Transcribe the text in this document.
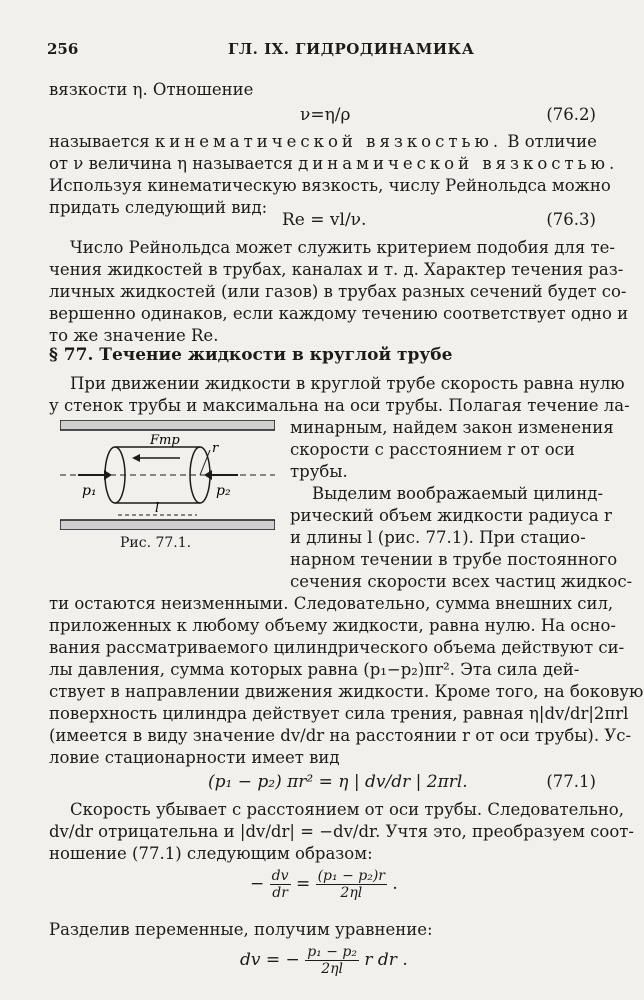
256	ГЛ. IX. ГИДРОДИНАМИКА
вязкости η. Отношение
ν=η/ρ	(76.2)
называется кинематической вязкостью. В отличие
от ν величина η называется динамической вязкостью.
Используя кинематическую вязкость, числу Рейнольдса можно
придать следующий вид:
Re = vl/ν.	(76.3)
Число Рейнольдса может служить критерием подобия для те-
чения жидкостей в трубах, каналах и т. д. Характер течения раз-
личных жидкостей (или газов) в трубах разных сечений будет со-
вершенно одинаков, если каждому течению соответствует одно и
то же значение Re.
§ 77. Течение жидкости в круглой трубе
При движении жидкости в круглой трубе скорость равна нулю
у стенок трубы и максимальна на оси трубы. Полагая течение ла-
минарным, найдем закон изменения
скорости с расстоянием r от оси
трубы.
Выделим воображаемый цилинд-
рический объем жидкости радиуса r
и длины l (рис. 77.1). При стацио-
нарном течении в трубе постоянного
сечения скорости всех частиц жидкос-
ти остаются неизменными. Следовательно, сумма внешних сил,
приложенных к любому объему жидкости, равна нулю. На осно-
вания рассматриваемого цилиндрического объема действуют си-
лы давления, сумма которых равна (p₁−p₂)πr². Эта сила дей-
ствует в направлении движения жидкости. Кроме того, на боковую
поверхность цилиндра действует сила трения, равная η|dv/dr|2πrl
(имеется в виду значение dv/dr на расстоянии r от оси трубы). Ус-
ловие стационарности имеет вид
Fтр
r
p₁	p₂
l
Рис. 77.1.
(p₁ − p₂) πr² = η | dv/dr | 2πrl.	(77.1)
Скорость убывает с расстоянием от оси трубы. Следовательно,
dv/dr отрицательна и |dv/dr| = −dv/dr. Учтя это, преобразуем сoот-
ношение (77.1) следующим образом:
− $\frac{dv}{dr} = \frac{\text{(p₁ − p₂)r}}{2\eta l}$ .
Разделив переменные, получим уравнение:
dv = − $\frac{\text{p₁ − p₂}}{2\eta l}$ r dr .
